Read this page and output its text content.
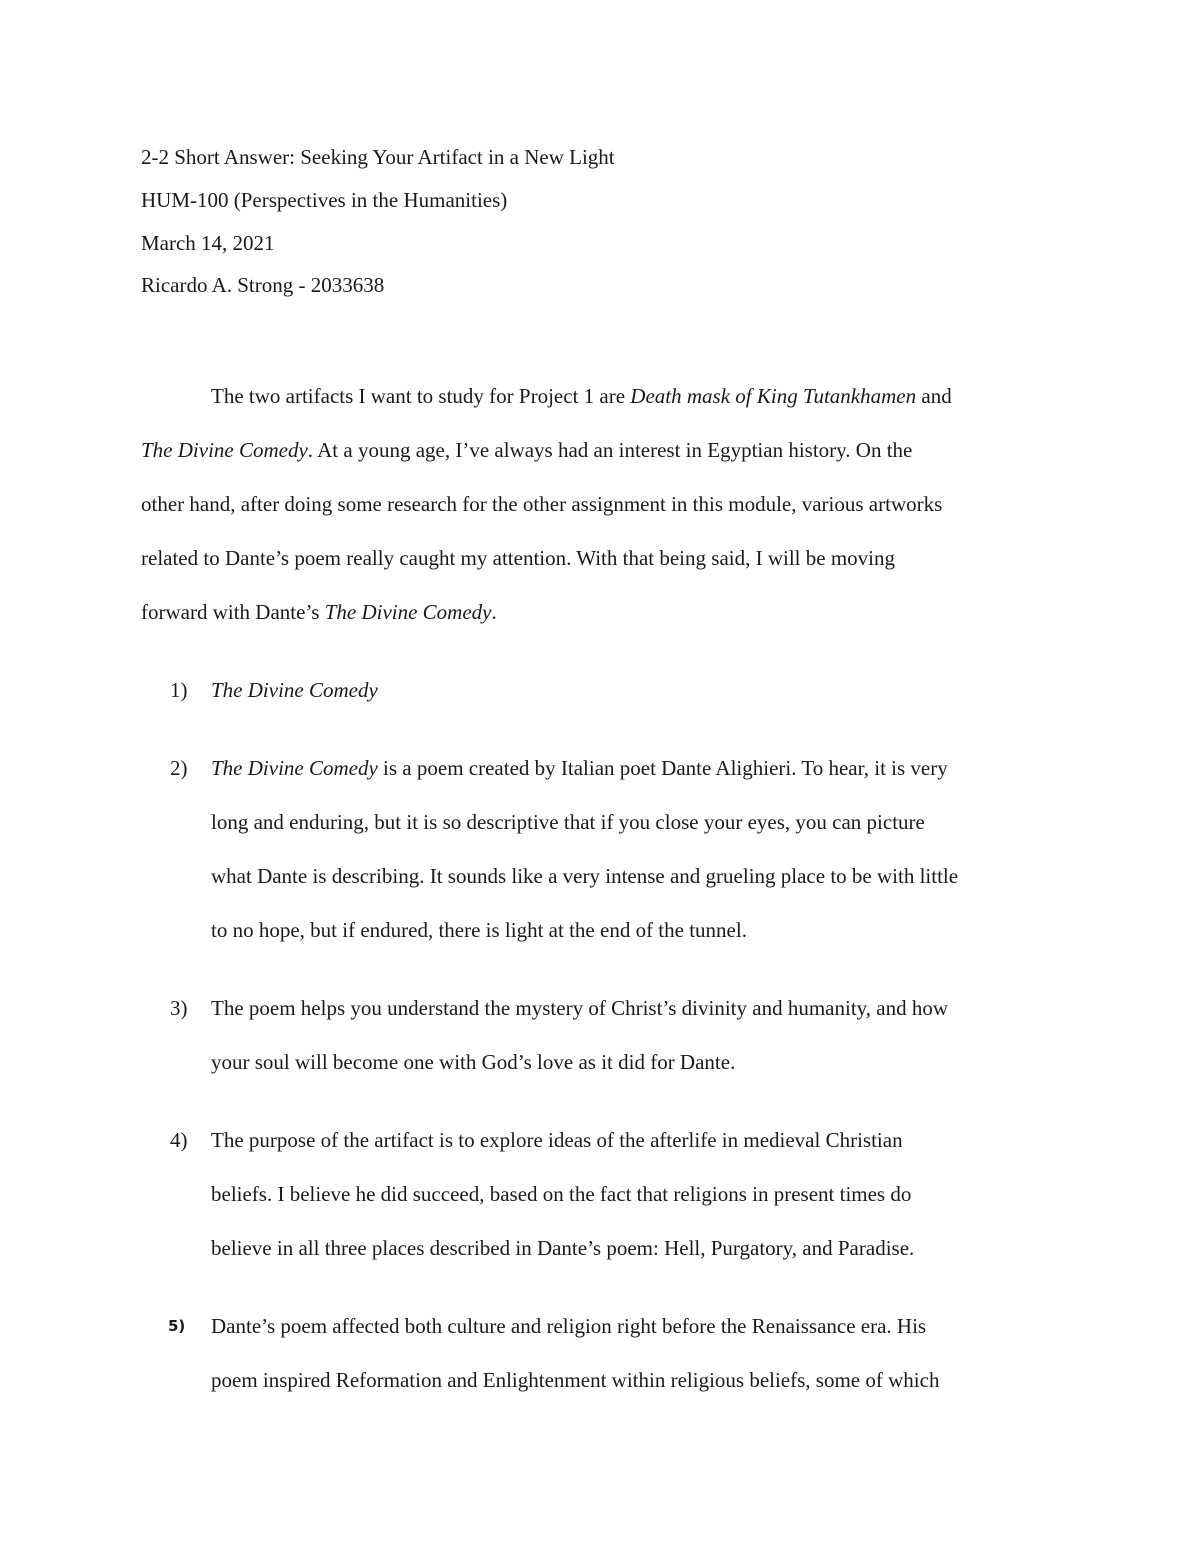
2-2 Short Answer: Seeking Your Artifact in a New Light
HUM-100 (Perspectives in the Humanities)
March 14, 2021
Ricardo A. Strong - 2033638
The two artifacts I want to study for Project 1 are Death mask of King Tutankhamen and
The Divine Comedy. At a young age, I’ve always had an interest in Egyptian history. On the
other hand, after doing some research for the other assignment in this module, various artworks
related to Dante’s poem really caught my attention. With that being said, I will be moving
forward with Dante’s The Divine Comedy.
1) The Divine Comedy
2) The Divine Comedy is a poem created by Italian poet Dante Alighieri. To hear, it is very
long and enduring, but it is so descriptive that if you close your eyes, you can picture
what Dante is describing. It sounds like a very intense and grueling place to be with little
to no hope, but if endured, there is light at the end of the tunnel.
3) The poem helps you understand the mystery of Christ’s divinity and humanity, and how
your soul will become one with God’s love as it did for Dante.
4) The purpose of the artifact is to explore ideas of the afterlife in medieval Christian
beliefs. I believe he did succeed, based on the fact that religions in present times do
believe in all three places described in Dante’s poem: Hell, Purgatory, and Paradise.
5) Dante’s poem affected both culture and religion right before the Renaissance era. His
poem inspired Reformation and Enlightenment within religious beliefs, some of which
